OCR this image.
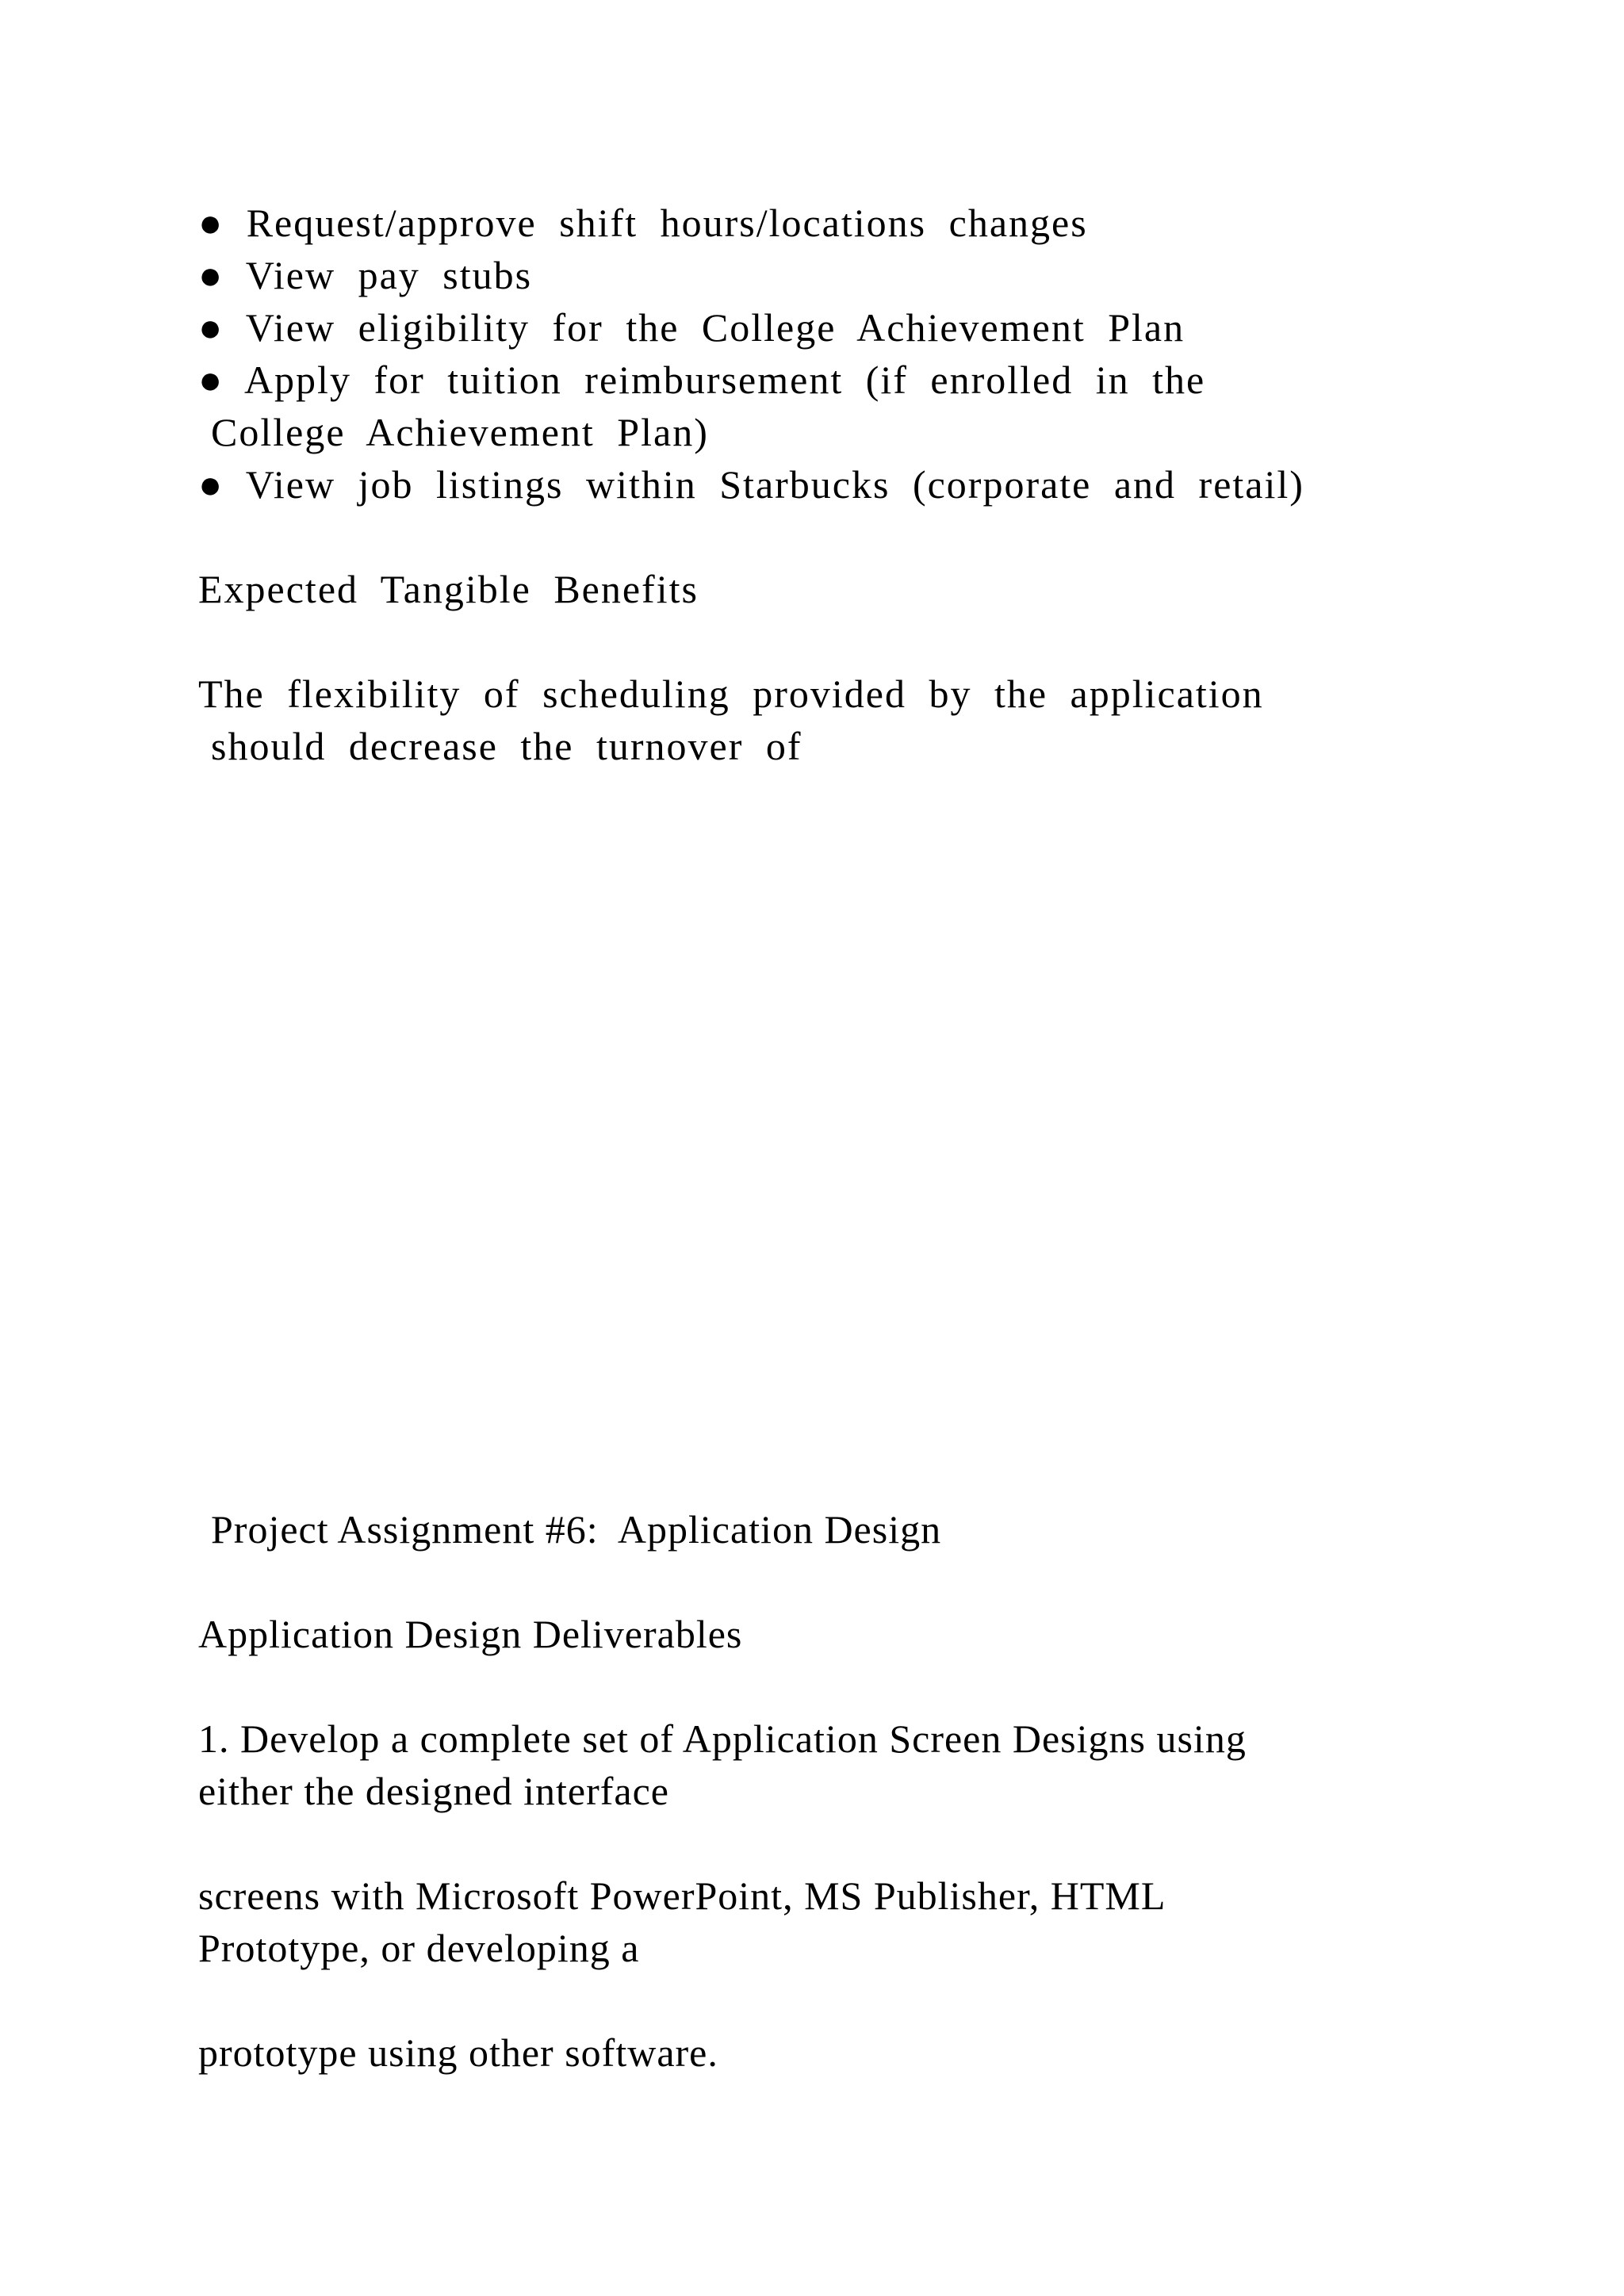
● Request/approve shift hours/locations changes

● View pay stubs

● View eligibility for the College Achievement Plan

● Apply for tuition reimbursement (if enrolled in the

College Achievement Plan)

● View job listings within Starbucks (corporate and retail)

Expected Tangible Benefits

The flexibility of scheduling provided by the application

should decrease the turnover of

Project Assignment #6:  Application Design

Application Design Deliverables

1. Develop a complete set of Application Screen Designs using

either the designed interface

screens with Microsoft PowerPoint, MS Publisher, HTML

Prototype, or developing a

prototype using other software.
